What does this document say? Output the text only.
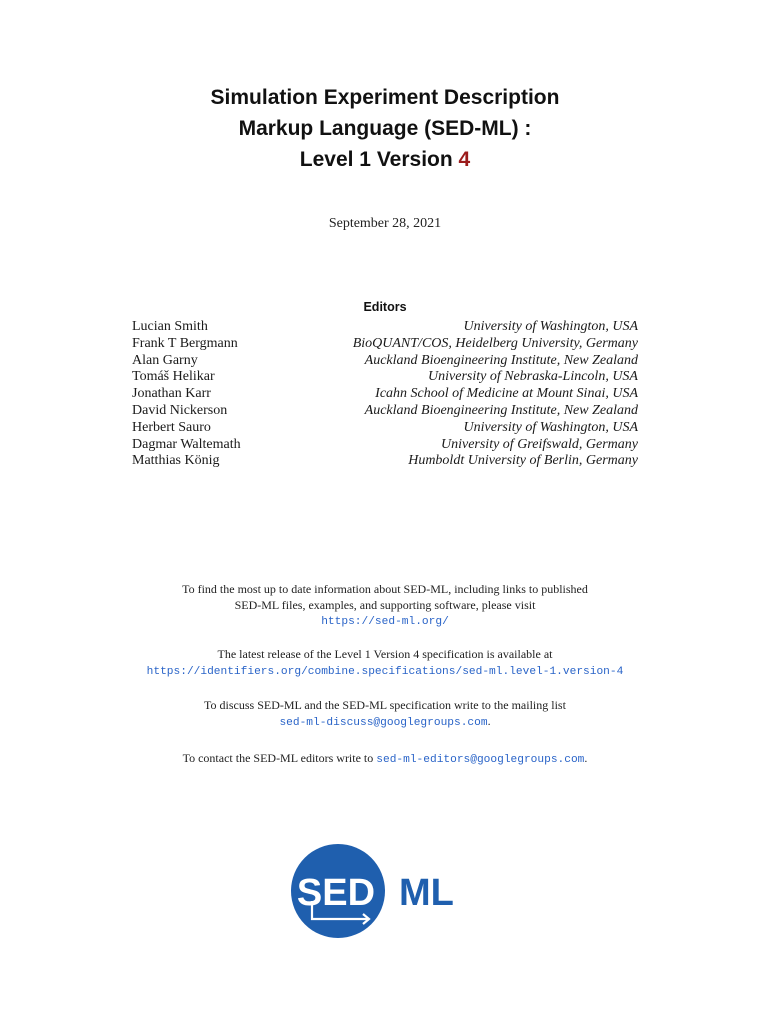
Simulation Experiment Description
Markup Language (SED-ML) :
Level 1 Version 4
September 28, 2021
Editors
Lucian Smith	University of Washington, USA
Frank T Bergmann	BioQUANT/COS, Heidelberg University, Germany
Alan Garny	Auckland Bioengineering Institute, New Zealand
Tomáš Helikar	University of Nebraska-Lincoln, USA
Jonathan Karr	Icahn School of Medicine at Mount Sinai, USA
David Nickerson	Auckland Bioengineering Institute, New Zealand
Herbert Sauro	University of Washington, USA
Dagmar Waltemath	University of Greifswald, Germany
Matthias König	Humboldt University of Berlin, Germany
To find the most up to date information about SED-ML, including links to published
SED-ML files, examples, and supporting software, please visit
https://sed-ml.org/
The latest release of the Level 1 Version 4 specification is available at
https://identifiers.org/combine.specifications/sed-ml.level-1.version-4
To discuss SED-ML and the SED-ML specification write to the mailing list
sed-ml-discuss@googlegroups.com.
To contact the SED-ML editors write to sed-ml-editors@googlegroups.com.
SED ML
